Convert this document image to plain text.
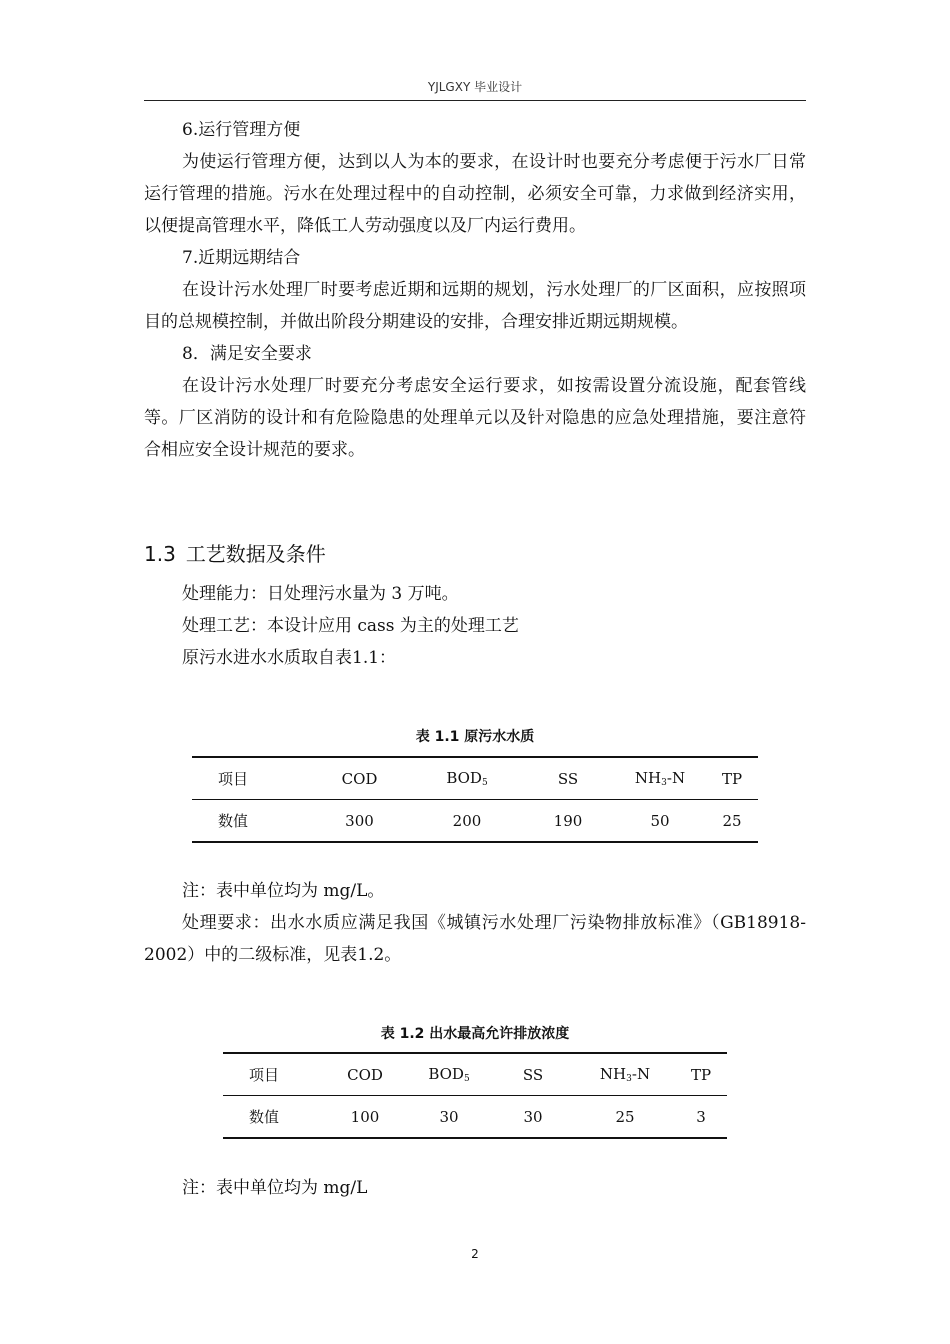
YJLGXY 毕业设计

6.运行管理方便

为使运行管理方便，达到以人为本的要求，在设计时也要充分考虑便于污水厂日常运行管理的措施。污水在处理过程中的自动控制，必须安全可靠，力求做到经济实用，以便提高管理水平，降低工人劳动强度以及厂内运行费用。

7.近期远期结合

在设计污水处理厂时要考虑近期和远期的规划，污水处理厂的厂区面积，应按照项目的总规模控制，并做出阶段分期建设的安排，合理安排近期远期规模。

8．满足安全要求

在设计污水处理厂时要充分考虑安全运行要求，如按需设置分流设施，配套管线等。厂区消防的设计和有危险隐患的处理单元以及针对隐患的应急处理措施，要注意符合相应安全设计规范的要求。

1.3 工艺数据及条件

处理能力：日处理污水量为 3 万吨。

处理工艺：本设计应用 cass 为主的处理工艺

原污水进水水质取自表1.1：

表 1.1 原污水水质
项目	COD	$BOD_5$	SS	$NH_3-N$	TP
数值	300	200	190	50	25

注：表中单位均为 mg/L。

处理要求：出水水质应满足我国《城镇污水处理厂污染物排放标准》（GB18918-2002）中的二级标准，见表1.2。

表 1.2 出水最高允许排放浓度
项目	COD	$BOD_5$	SS	$NH_3-N$	TP
数值	100	30	30	25	3

注：表中单位均为 mg/L

2
